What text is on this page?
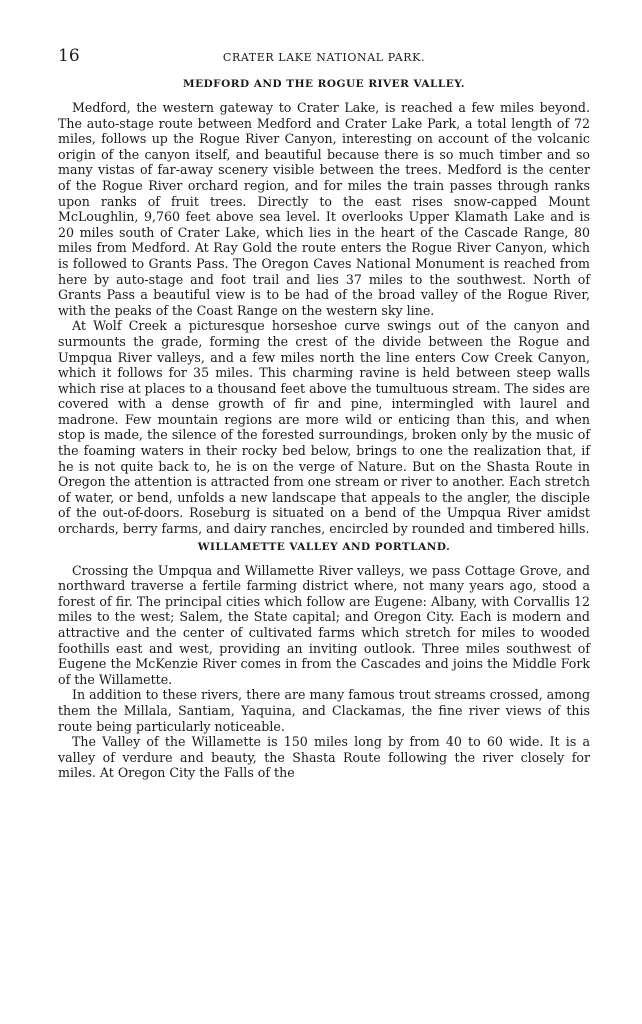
16	CRATER LAKE NATIONAL PARK.
MEDFORD AND THE ROGUE RIVER VALLEY.

Medford, the western gateway to Crater Lake, is reached a few miles beyond. The auto-stage route between Medford and Crater Lake Park, a total length of 72 miles, follows up the Rogue River Canyon, interesting on account of the volcanic origin of the canyon itself, and beautiful because there is so much timber and so many vistas of far-away scenery visible between the trees. Medford is the center of the Rogue River orchard region, and for miles the train passes through ranks upon ranks of fruit trees. Directly to the east rises snow-capped Mount McLoughlin, 9,760 feet above sea level. It overlooks Upper Klamath Lake and is 20 miles south of Crater Lake, which lies in the heart of the Cascade Range, 80 miles from Medford. At Ray Gold the route enters the Rogue River Canyon, which is followed to Grants Pass. The Oregon Caves National Monument is reached from here by auto-stage and foot trail and lies 37 miles to the southwest. North of Grants Pass a beautiful view is to be had of the broad valley of the Rogue River, with the peaks of the Coast Range on the western sky line.

At Wolf Creek a picturesque horseshoe curve swings out of the canyon and surmounts the grade, forming the crest of the divide between the Rogue and Umpqua River valleys, and a few miles north the line enters Cow Creek Canyon, which it follows for 35 miles. This charming ravine is held between steep walls which rise at places to a thousand feet above the tumultuous stream. The sides are covered with a dense growth of fir and pine, intermingled with laurel and madrone. Few mountain regions are more wild or enticing than this, and when stop is made, the silence of the forested surroundings, broken only by the music of the foaming waters in their rocky bed below, brings to one the realization that, if he is not quite back to, he is on the verge of Nature. But on the Shasta Route in Oregon the attention is attracted from one stream or river to another. Each stretch of water, or bend, unfolds a new landscape that appeals to the angler, the disciple of the out-of-doors. Roseburg is situated on a bend of the Umpqua River amidst orchards, berry farms, and dairy ranches, encircled by rounded and timbered hills.

WILLAMETTE VALLEY AND PORTLAND.

Crossing the Umpqua and Willamette River valleys, we pass Cottage Grove, and northward traverse a fertile farming district where, not many years ago, stood a forest of fir. The principal cities which follow are Eugene: Albany, with Corvallis 12 miles to the west; Salem, the State capital; and Oregon City. Each is modern and attractive and the center of cultivated farms which stretch for miles to wooded foothills east and west, providing an inviting outlook. Three miles southwest of Eugene the McKenzie River comes in from the Cascades and joins the Middle Fork of the Willamette.

In addition to these rivers, there are many famous trout streams crossed, among them the Millala, Santiam, Yaquina, and Clackamas, the fine river views of this route being particularly noticeable.

The Valley of the Willamette is 150 miles long by from 40 to 60 wide. It is a valley of verdure and beauty, the Shasta Route following the river closely for miles. At Oregon City the Falls of the
